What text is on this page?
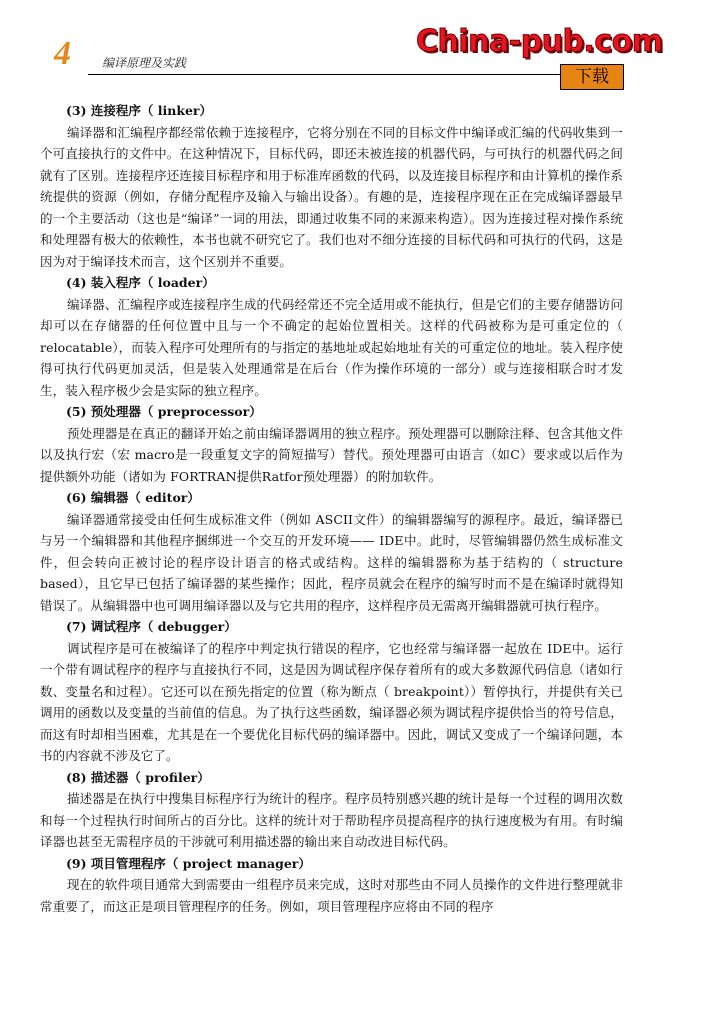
4	编译原理及实践
China-pub.com
下载

(3) 连接程序（ linker）

编译器和汇编程序都经常依赖于连接程序，它将分别在不同的目标文件中编译或汇编的代码收集到一个可直接执行的文件中。在这种情况下，目标代码，即还未被连接的机器代码，与可执行的机器代码之间就有了区别。连接程序还连接目标程序和用于标准库函数的代码，以及连接目标程序和由计算机的操作系统提供的资源（例如，存储分配程序及输入与输出设备）。有趣的是，连接程序现在正在完成编译器最早的一个主要活动（这也是“编译”一词的用法，即通过收集不同的来源来构造）。因为连接过程对操作系统和处理器有极大的依赖性，本书也就不研究它了。我们也对不细分连接的目标代码和可执行的代码，这是因为对于编译技术而言，这个区别并不重要。

(4) 装入程序（ loader）

编译器、汇编程序或连接程序生成的代码经常还不完全适用或不能执行，但是它们的主要存储器访问却可以在存储器的任何位置中且与一个不确定的起始位置相关。这样的代码被称为是可重定位的（ relocatable），而装入程序可处理所有的与指定的基地址或起始地址有关的可重定位的地址。装入程序使得可执行代码更加灵活，但是装入处理通常是在后台（作为操作环境的一部分）或与连接相联合时才发生，装入程序极少会是实际的独立程序。

(5) 预处理器（ preprocessor）

预处理器是在真正的翻译开始之前由编译器调用的独立程序。预处理器可以删除注释、包含其他文件以及执行宏（宏 macro是一段重复文字的简短描写）替代。预处理器可由语言（如C）要求或以后作为提供额外功能（诸如为 FORTRAN提供Ratfor预处理器）的附加软件。

(6) 编辑器（ editor）

编译器通常接受由任何生成标准文件（例如 ASCII文件）的编辑器编写的源程序。最近，编译器已与另一个编辑器和其他程序捆绑进一个交互的开发环境—— IDE中。此时，尽管编辑器仍然生成标准文件，但会转向正被讨论的程序设计语言的格式或结构。这样的编辑器称为基于结构的（ structure based），且它早已包括了编译器的某些操作；因此，程序员就会在程序的编写时而不是在编译时就得知错误了。从编辑器中也可调用编译器以及与它共用的程序，这样程序员无需离开编辑器就可执行程序。

(7) 调试程序（ debugger）

调试程序是可在被编译了的程序中判定执行错误的程序，它也经常与编译器一起放在 IDE中。运行一个带有调试程序的程序与直接执行不同，这是因为调试程序保存着所有的或大多数源代码信息（诸如行数、变量名和过程）。它还可以在预先指定的位置（称为断点（ breakpoint））暂停执行，并提供有关已调用的函数以及变量的当前值的信息。为了执行这些函数，编译器必须为调试程序提供恰当的符号信息，而这有时却相当困难，尤其是在一个要优化目标代码的编译器中。因此，调试又变成了一个编译问题，本书的内容就不涉及它了。

(8) 描述器（ profiler）

描述器是在执行中搜集目标程序行为统计的程序。程序员特别感兴趣的统计是每一个过程的调用次数和每一个过程执行时间所占的百分比。这样的统计对于帮助程序员提高程序的执行速度极为有用。有时编译器也甚至无需程序员的干涉就可利用描述器的输出来自动改进目标代码。

(9) 项目管理程序（ project manager）

现在的软件项目通常大到需要由一组程序员来完成，这时对那些由不同人员操作的文件进行整理就非常重要了，而这正是项目管理程序的任务。例如，项目管理程序应将由不同的程序
